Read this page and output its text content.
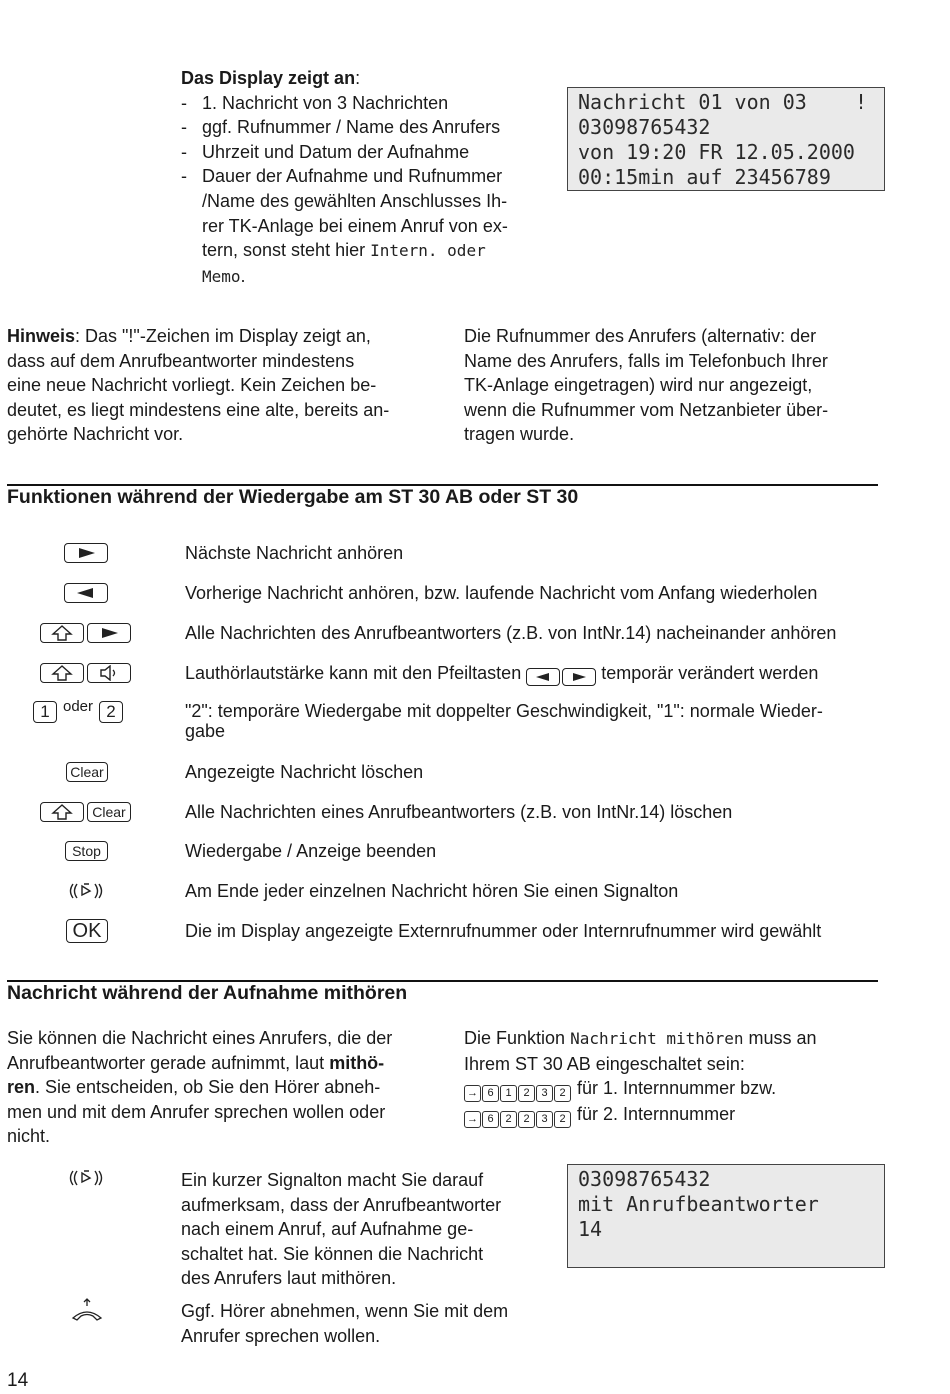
Das Display zeigt an:
- 1. Nachricht von 3 Nachrichten
- ggf. Rufnummer / Name des Anrufers
- Uhrzeit und Datum der Aufnahme
- Dauer der Aufnahme und Rufnummer
/Name des gewählten Anschlusses Ih-
rer TK-Anlage bei einem Anruf von ex-
tern, sonst steht hier Intern. oder
Memo.
Nachricht 01 von 03    !
03098765432
von 19:20 FR 12.05.2000
00:15min auf 23456789
Hinweis: Das "!"-Zeichen im Display zeigt an,
dass auf dem Anrufbeantworter mindestens
eine neue Nachricht vorliegt. Kein Zeichen be-
deutet, es liegt mindestens eine alte, bereits an-
gehörte Nachricht vor.
Die Rufnummer des Anrufers (alternativ: der
Name des Anrufers, falls im Telefonbuch Ihrer
TK-Anlage eingetragen) wird nur angezeigt,
wenn die Rufnummer vom Netzanbieter über-
tragen wurde.
Funktionen während der Wiedergabe am ST 30 AB oder ST 30
Nächste Nachricht anhören
Vorherige Nachricht anhören, bzw. laufende Nachricht vom Anfang wiederholen
Alle Nachrichten des Anrufbeantworters (z.B. von IntNr.14) nacheinander anhören
Lauthörlautstärke kann mit den Pfeiltasten	temporär verändert werden
1 oder 2	"2": temporäre Wiedergabe mit doppelter Geschwindigkeit, "1": normale Wieder-
gabe
Clear	Angezeigte Nachricht löschen
Clear	Alle Nachrichten eines Anrufbeantworters (z.B. von IntNr.14) löschen
Stop	Wiedergabe / Anzeige beenden
Am Ende jeder einzelnen Nachricht hören Sie einen Signalton
OK	Die im Display angezeigte Externrufnummer oder Internrufnummer wird gewählt
Nachricht während der Aufnahme mithören
Sie können die Nachricht eines Anrufers, die der
Anrufbeantworter gerade aufnimmt, laut mithö-
ren. Sie entscheiden, ob Sie den Hörer abneh-
men und mit dem Anrufer sprechen wollen oder
nicht.
Die Funktion Nachricht mithören muss an
Ihrem ST 30 AB eingeschaltet sein:
→ 6 1 2 3 2 für 1. Internnummer bzw.
→ 6 2 2 3 2 für 2. Internnummer
Ein kurzer Signalton macht Sie darauf
aufmerksam, dass der Anrufbeantworter
nach einem Anruf, auf Aufnahme ge-
schaltet hat. Sie können die Nachricht
des Anrufers laut mithören.
03098765432
mit Anrufbeantworter
14
Ggf. Hörer abnehmen, wenn Sie mit dem
Anrufer sprechen wollen.
14
